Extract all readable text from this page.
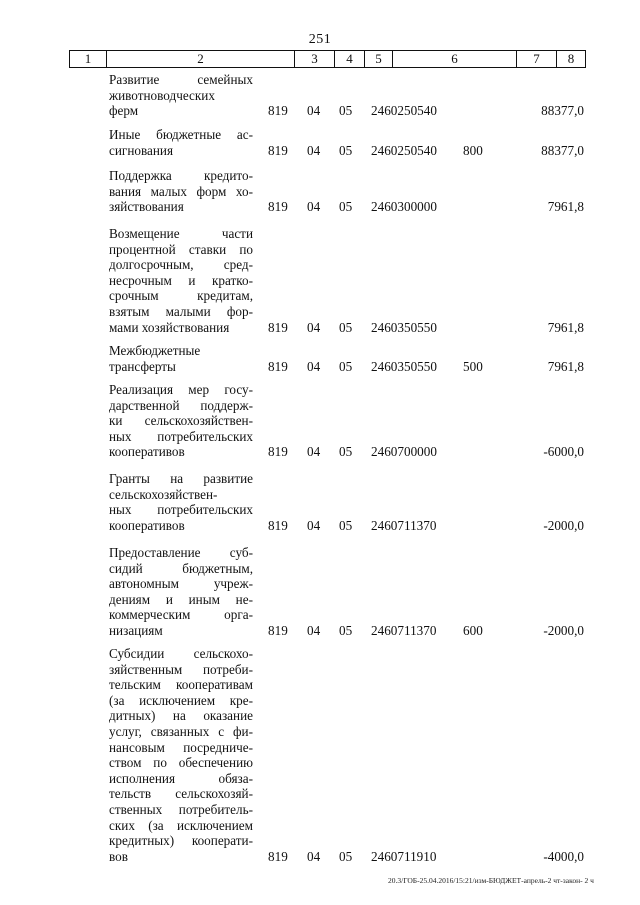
251
1	2	3	4	5	6	7	8
Развитие семейных
животноводческих
ферм	819 04 05 2460250540	88377,0
Иные бюджетные ас-
сигнования	819 04 05 2460250540 800	88377,0
Поддержка кредито-
вания малых форм хо-
зяйствования	819 04 05 2460300000	7961,8
Возмещение части
процентной ставки по
долгосрочным, сред-
несрочным и кратко-
срочным кредитам,
взятым малыми фор-
мами хозяйствования	819 04 05 2460350550	7961,8
Межбюджетные
трансферты	819 04 05 2460350550 500	7961,8
Реализация мер госу-
дарственной поддерж-
ки сельскохозяйствен-
ных потребительских
кооперативов	819 04 05 2460700000	-6000,0
Гранты на развитие
сельскохозяйствен-
ных потребительских
кооперативов	819 04 05 2460711370	-2000,0
Предоставление суб-
сидий бюджетным,
автономным учреж-
дениям и иным не-
коммерческим орга-
низациям	819 04 05 2460711370 600	-2000,0
Субсидии сельскохо-
зяйственным потреби-
тельским кооперативам
(за исключением кре-
дитных) на оказание
услуг, связанных с фи-
нансовым посредниче-
ством по обеспечению
исполнения обяза-
тельств сельскохозяй-
ственных потребитель-
ских (за исключением
кредитных) кооперати-
вов	819 04 05 2460711910	-4000,0
20.3/ГОБ-25.04.2016/15:21/изм-БЮДЖЕТ-апрель-2 чт-закон- 2 ч
